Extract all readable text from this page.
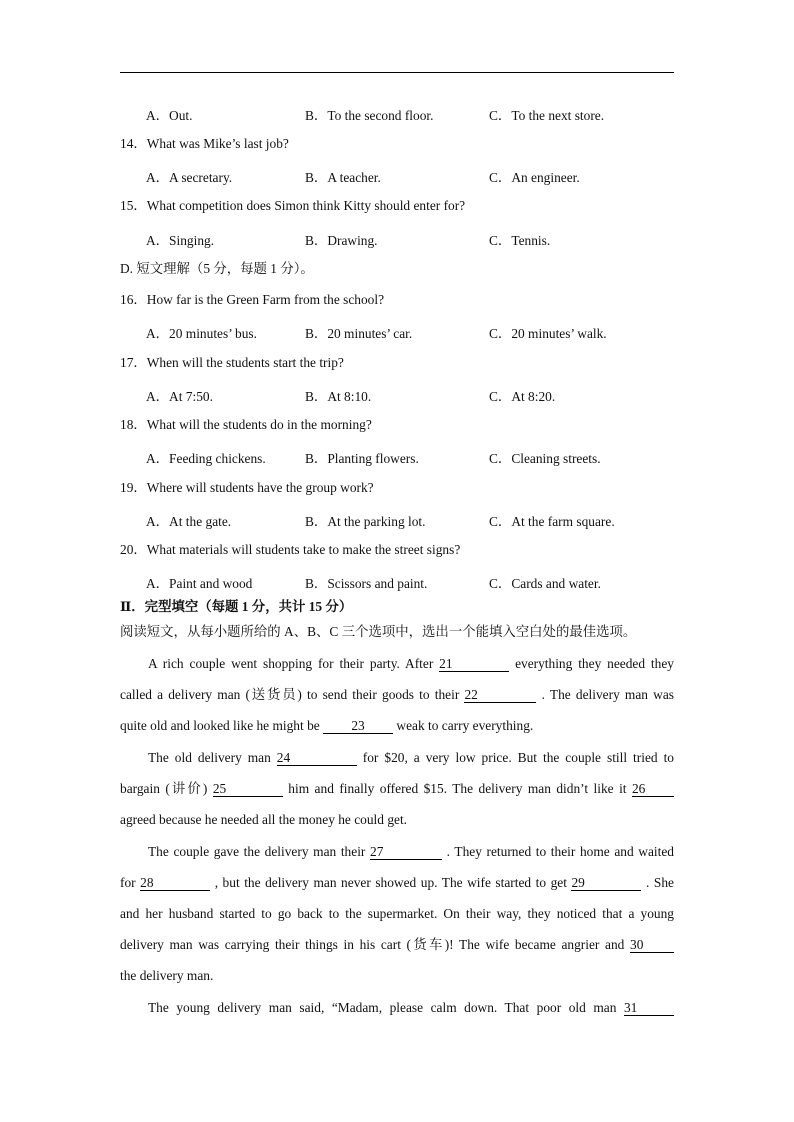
A．Out.	B．To the second floor.	C．To the next store.
14．What was Mike’s last job?
A．A secretary.	B．A teacher.	C．An engineer.
15．What competition does Simon think Kitty should enter for?
A．Singing.	B．Drawing.	C．Tennis.
D. 短文理解（5 分，每题 1 分）。
16．How far is the Green Farm from the school?
A．20 minutes’ bus.	B．20 minutes’ car.	C．20 minutes’ walk.
17．When will the students start the trip?
A．At 7:50.	B．At 8:10.	C．At 8:20.
18．What will the students do in the morning?
A．Feeding chickens.	B．Planting flowers.	C．Cleaning streets.
19．Where will students have the group work?
A．At the gate.	B．At the parking lot.	C．At the farm square.
20．What materials will students take to make the street signs?
A．Paint and wood	B．Scissors and paint.	C．Cards and water.
Ⅱ．完型填空（每题 1 分，共计 15 分）
阅读短文，从每小题所给的 A、B、C 三个选项中，选出一个能填入空白处的最佳选项。
A rich couple went shopping for their party. After 21	everything they needed they
called a delivery man (送货员) to send their goods to their 22	. The delivery man was
quite old and looked like he might be 23 weak to carry everything.
The old delivery man 24	for $20, a very low price. But the couple still tried to
bargain (讲价) 25	him and finally offered $15. The delivery man didn’t like it 26
agreed because he needed all the money he could get.
The couple gave the delivery man their 27	. They returned to their home and waited
for 28	, but the delivery man never showed up. The wife started to get 29	. She
and her husband started to go back to the supermarket. On their way, they noticed that a young
delivery man was carrying their things in his cart (货车)! The wife became angrier and 30
the delivery man.
The young delivery man said, “Madam, please calm down. That poor old man 31
